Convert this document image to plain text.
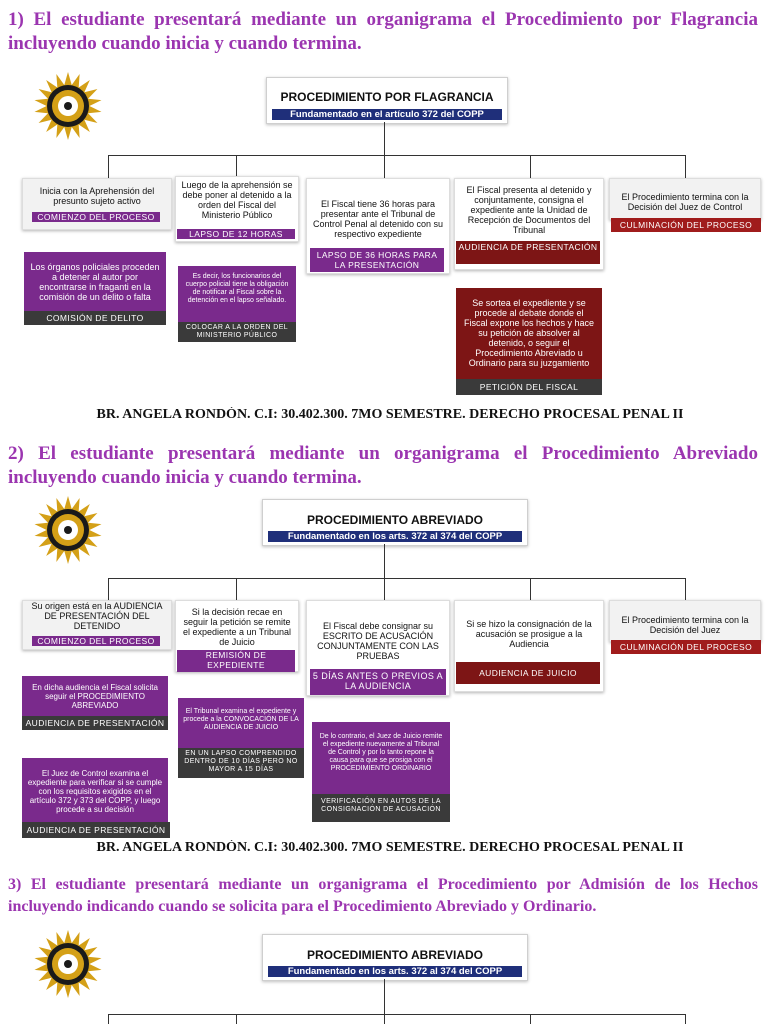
1) El estudiante presentará mediante un organigrama el Procedimiento por Flagrancia incluyendo cuando inicia y cuando termina.
PROCEDIMIENTO POR FLAGRANCIA
Fundamentado en el artículo 372 del COPP
Inicia con la Aprehensión del presunto sujeto activo
COMIENZO DEL PROCESO
Los órganos policiales proceden a detener al autor por encontrarse in fraganti en la comisión de un delito o falta
COMISIÓN DE DELITO
Luego de la aprehensión se debe poner al detenido a la orden del Fiscal del Ministerio Público
LAPSO DE 12 HORAS
Es decir, los funcionarios del cuerpo policial tiene la obligación de notificar al Fiscal sobre la detención en el lapso señalado.
COLOCAR A LA ORDEN DEL MINISTERIO PÚBLICO
El Fiscal tiene 36 horas para presentar ante el Tribunal de Control Penal al detenido con su respectivo expediente
LAPSO DE 36 HORAS PARA LA PRESENTACIÓN
El Fiscal presenta al detenido y conjuntamente, consigna el expediente ante la Unidad de Recepción de Documentos del Tribunal
AUDIENCIA DE PRESENTACIÓN
Se sortea el expediente y se procede al debate donde el Fiscal expone los hechos y hace su petición de absolver al detenido, o seguir el Procedimiento Abreviado u Ordinario para su juzgamiento
PETICIÓN DEL FISCAL
El Procedimiento termina con la Decisión del Juez de Control
CULMINACIÓN DEL PROCESO
BR. ANGELA RONDÓN. C.I: 30.402.300. 7MO SEMESTRE. DERECHO PROCESAL PENAL II
2) El estudiante presentará mediante un organigrama el Procedimiento Abreviado incluyendo cuando inicia y cuando termina.
PROCEDIMIENTO ABREVIADO
Fundamentado en los arts. 372 al 374 del COPP
Su origen está en la AUDIENCIA DE PRESENTACIÓN DEL DETENIDO
COMIENZO DEL PROCESO
En dicha audiencia el Fiscal solicita seguir el PROCEDIMIENTO ABREVIADO
AUDIENCIA DE PRESENTACIÓN
El Juez de Control examina el expediente para verificar si se cumple con los requisitos exigidos en el artículo 372 y 373 del COPP, y luego procede a su decisión
AUDIENCIA DE PRESENTACIÓN
Si la decisión recae en seguir la petición se remite el expediente a un Tribunal de Juicio
REMISIÓN DE EXPEDIENTE
El Tribunal examina el expediente y procede a la CONVOCACIÓN DE LA AUDIENCIA DE JUICIO
EN UN LAPSO COMPRENDIDO DENTRO DE 10 DÍAS PERO NO MAYOR A 15 DÍAS
El Fiscal debe consignar su ESCRITO DE ACUSACIÓN CONJUNTAMENTE CON LAS PRUEBAS
5 DÍAS ANTES O PREVIOS A LA AUDIENCIA
De lo contrario, el Juez de Juicio remite el expediente nuevamente al Tribunal de Control y por lo tanto repone la causa para que se prosiga con el PROCEDIMIENTO ORDINARIO
VERIFICACIÓN EN AUTOS DE LA CONSIGNACIÓN DE ACUSACIÓN
Si se hizo la consignación de la acusación se prosigue a la Audiencia
AUDIENCIA DE JUICIO
El Procedimiento termina con la Decisión del Juez
CULMINACIÓN DEL PROCESO
BR. ANGELA RONDÓN. C.I: 30.402.300. 7MO SEMESTRE. DERECHO PROCESAL PENAL II
3) El estudiante presentará mediante un organigrama el Procedimiento por Admisión de los Hechos incluyendo indicando cuando se solicita para el Procedimiento Abreviado y Ordinario.
PROCEDIMIENTO ABREVIADO
Fundamentado en los arts. 372 al 374 del COPP
